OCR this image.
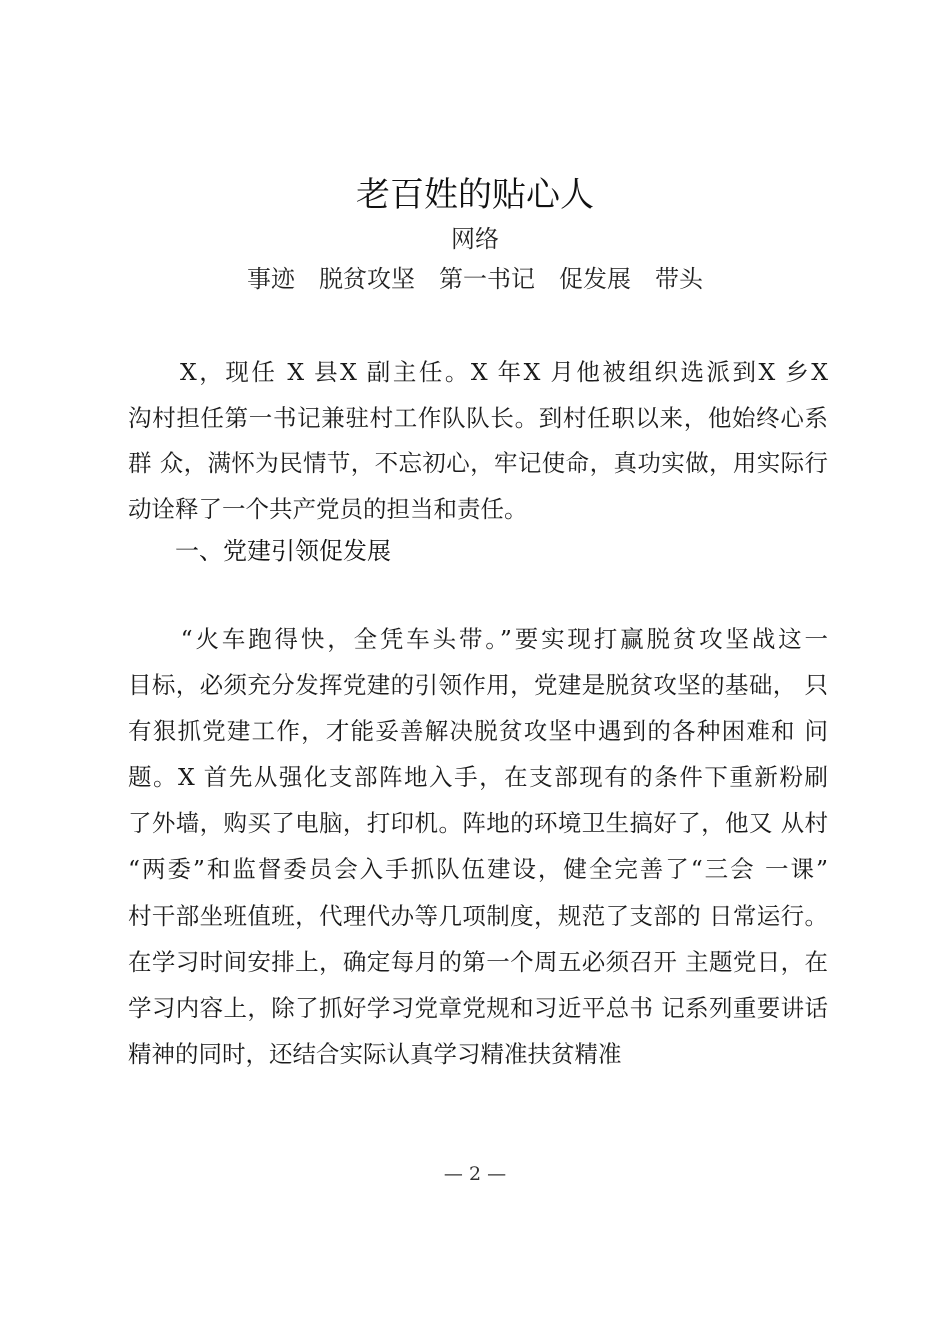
老百姓的贴心人
网络
事迹 脱贫攻坚 第一书记 促发展 带头
　　X，现任 X 县X 副主任。X 年X 月他被组织选派到X 乡X
沟村担任第一书记兼驻村工作队队长。到村任职以来，他始终心系
群 众，满怀为民情节，不忘初心，牢记使命，真功实做，用实际行
动诠释了一个共产党员的担当和责任。
一、党建引领促发展
　　“火车跑得快，全凭车头带。”要实现打赢脱贫攻坚战这一
目标，必须充分发挥党建的引领作用，党建是脱贫攻坚的基础， 只
有狠抓党建工作，才能妥善解决脱贫攻坚中遇到的各种困难和 问
题。X 首先从强化支部阵地入手，在支部现有的条件下重新粉刷
了外墙，购买了电脑，打印机。阵地的环境卫生搞好了，他又 从村
“两委”和监督委员会入手抓队伍建设，健全完善了“三会 一课”
村干部坐班值班，代理代办等几项制度，规范了支部的 日常运行。
在学习时间安排上，确定每月的第一个周五必须召开 主题党日，在
学习内容上，除了抓好学习党章党规和习近平总书 记系列重要讲话
精神的同时，还结合实际认真学习精准扶贫精准
— 2 —
